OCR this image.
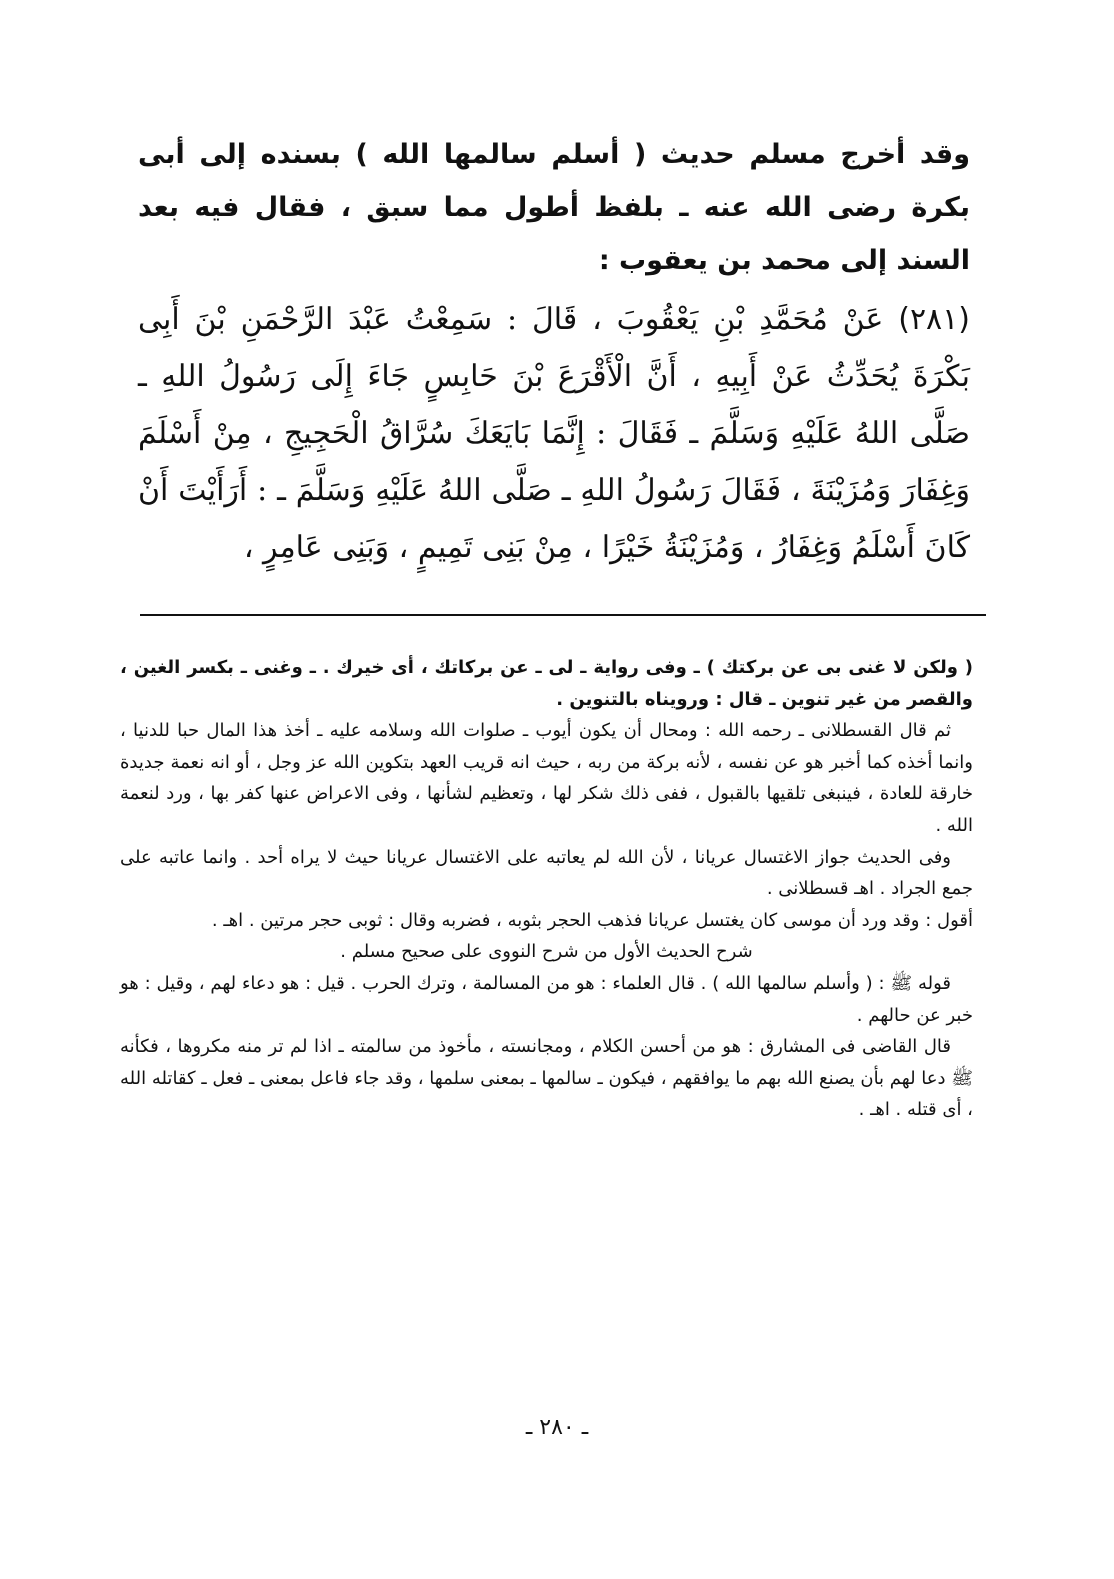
وقد أخرج مسلم حديث ( أسلم سالمها الله ) بسنده إلى أبى بكرة رضى الله عنه ـ بلفظ أطول مما سبق ، فقال فيه بعد السند إلى محمد بن يعقوب :

(٢٨١) عَنْ مُحَمَّدِ بْنِ يَعْقُوبَ ، قَالَ : سَمِعْتُ عَبْدَ الرَّحْمَنِ بْنَ أَبِى بَكْرَةَ يُحَدِّثُ عَنْ أَبِيهِ ، أَنَّ الْأَقْرَعَ بْنَ حَابِسٍ جَاءَ إِلَى رَسُولُ اللهِ ـ صَلَّى اللهُ عَلَيْهِ وَسَلَّمَ ـ فَقَالَ : إِنَّمَا بَايَعَكَ سُرَّاقُ الْحَجِيجِ ، مِنْ أَسْلَمَ وَغِفَارَ وَمُزَيْنَةَ ، فَقَالَ رَسُولُ اللهِ ـ صَلَّى اللهُ عَلَيْهِ وَسَلَّمَ ـ : أَرَأَيْتَ أَنْ كَانَ أَسْلَمُ وَغِفَارُ ، وَمُزَيْنَةُ خَيْرًا ، مِنْ بَنِى تَمِيمٍ ، وَبَنِى عَامِرٍ ،

( ولكن لا غنى بى عن بركتك ) ـ وفى رواية ـ لى ـ عن بركاتك ، أى خيرك . ـ وغنى ـ بكسر الغين ، والقصر من غير تنوين ـ قال : ورويناه بالتنوين .

ثم قال القسطلانى ـ رحمه الله : ومحال أن يكون أيوب ـ صلوات الله وسلامه عليه ـ أخذ هذا المال حبا للدنيا ، وانما أخذه كما أخبر هو عن نفسه ، لأنه بركة من ربه ، حيث انه قريب العهد بتكوين الله عز وجل ، أو انه نعمة جديدة خارقة للعادة ، فينبغى تلقيها بالقبول ، ففى ذلك شكر لها ، وتعظيم لشأنها ، وفى الاعراض عنها كفر بها ، ورد لنعمة الله .

وفى الحديث جواز الاغتسال عريانا ، لأن الله لم يعاتبه على الاغتسال عريانا حيث لا يراه أحد . وانما عاتبه على جمع الجراد . اهـ قسطلانى .

أقول : وقد ورد أن موسى كان يغتسل عريانا فذهب الحجر بثوبه ، فضربه وقال : ثوبى حجر مرتين . اهـ .

شرح الحديث الأول من شرح النووى على صحيح مسلم .

قوله ﷺ : ( وأسلم سالمها الله ) . قال العلماء : هو من المسالمة ، وترك الحرب . قيل : هو دعاء لهم ، وقيل : هو خبر عن حالهم .

قال القاضى فى المشارق : هو من أحسن الكلام ، ومجانسته ، مأخوذ من سالمته ـ اذا لم تر منه مكروها ، فكأنه ﷺ دعا لهم بأن يصنع الله بهم ما يوافقهم ، فيكون ـ سالمها ـ بمعنى سلمها ، وقد جاء فاعل بمعنى ـ فعل ـ كقاتله الله ، أى قتله . اهـ .

ـ ٢٨٠ ـ
